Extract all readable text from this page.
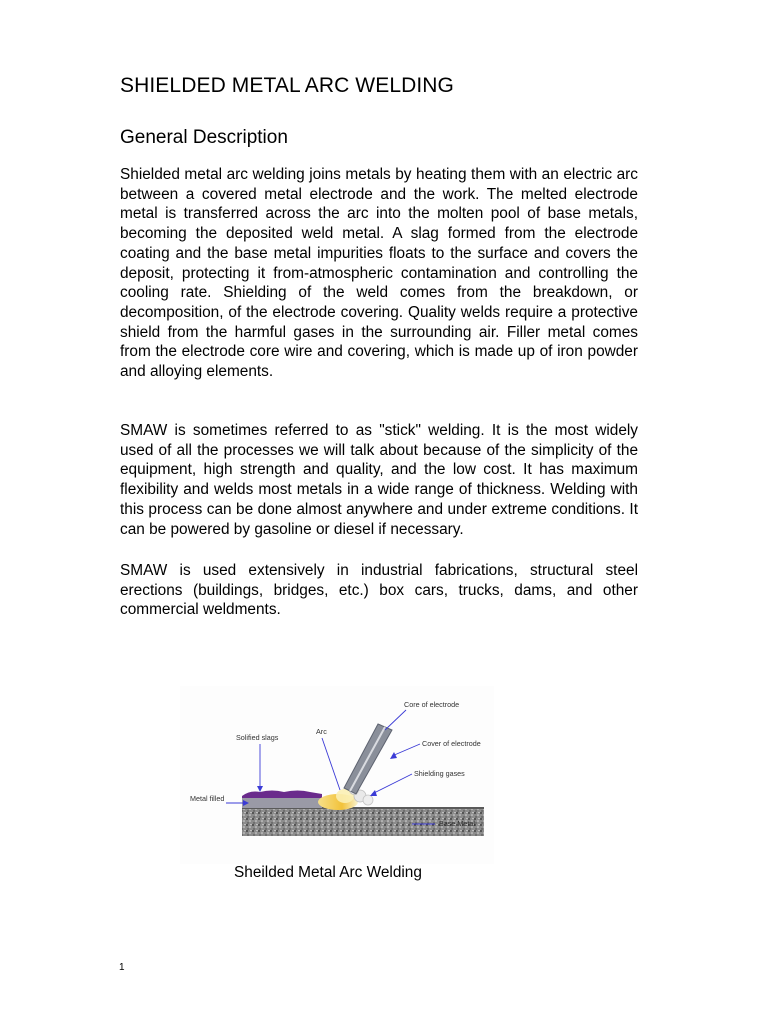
SHIELDED METAL ARC WELDING
General Description

Shielded metal arc welding joins metals by heating them with an electric arc between a covered metal electrode and the work. The melted electrode metal is transferred across the arc into the molten pool of base metals, becoming the deposited weld metal. A slag formed from the electrode coating and the base metal impurities floats to the surface and covers the deposit, protecting it from-atmospheric contamination and controlling the cooling rate. Shielding of the weld comes from the breakdown, or decomposition, of the electrode covering. Quality welds require a protective shield from the harmful gases in the surrounding air. Filler metal comes from the electrode core wire and covering, which is made up of iron powder and alloying elements.

SMAW is sometimes referred to as "stick" welding. It is the most widely used of all the processes we will talk about because of the simplicity of the equipment, high strength and quality, and the low cost. It has maximum flexibility and welds most metals in a wide range of thickness. Welding with this process can be done almost anywhere and under extreme conditions. It can be powered by gasoline or diesel if necessary.

SMAW is used extensively in industrial fabrications, structural steel erections (buildings, bridges, etc.) box cars, trucks, dams, and other commercial weldments.

Core of electrode
Arc
Solified slags
Cover of electrode
Shielding gases
Metal filled
Base Metal

Sheilded Metal Arc Welding

1
